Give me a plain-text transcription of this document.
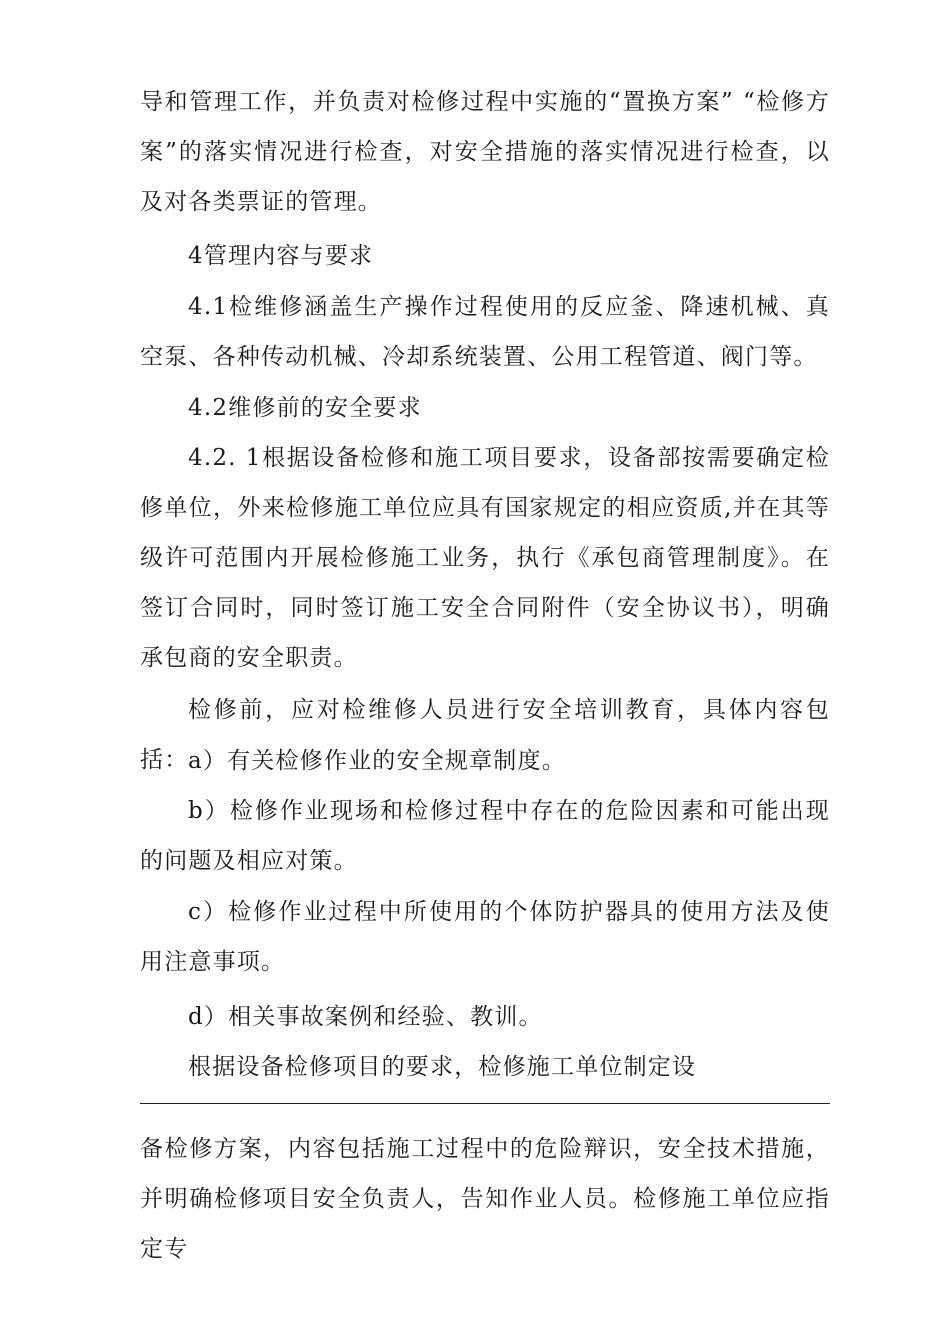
导和管理工作，并负责对检修过程中实施的“置换方案” “检修方案”的落实情况进行检查，对安全措施的落实情况进行检查，以及对各类票证的管理。

4管理内容与要求

4.1检维修涵盖生产操作过程使用的反应釜、降速机械、真空泵、各种传动机械、冷却系统装置、公用工程管道、阀门等。

4.2维修前的安全要求

4.2. 1根据设备检修和施工项目要求，设备部按需要确定检修单位，外来检修施工单位应具有国家规定的相应资质,并在其等级许可范围内开展检修施工业务，执行《承包商管理制度》。在签订合同时，同时签订施工安全合同附件（安全协议书），明确承包商的安全职责。

检修前，应对检维修人员进行安全培训教育，具体内容包括： a）有关检修作业的安全规章制度。

b）检修作业现场和检修过程中存在的危险因素和可能出现的问题及相应对策。

c）检修作业过程中所使用的个体防护器具的使用方法及使用注意事项。

d）相关事故案例和经验、教训。

根据设备检修项目的要求，检修施工单位制定设

备检修方案，内容包括施工过程中的危险辩识，安全技术措施，并明确检修项目安全负责人，告知作业人员。检修施工单位应指定专
